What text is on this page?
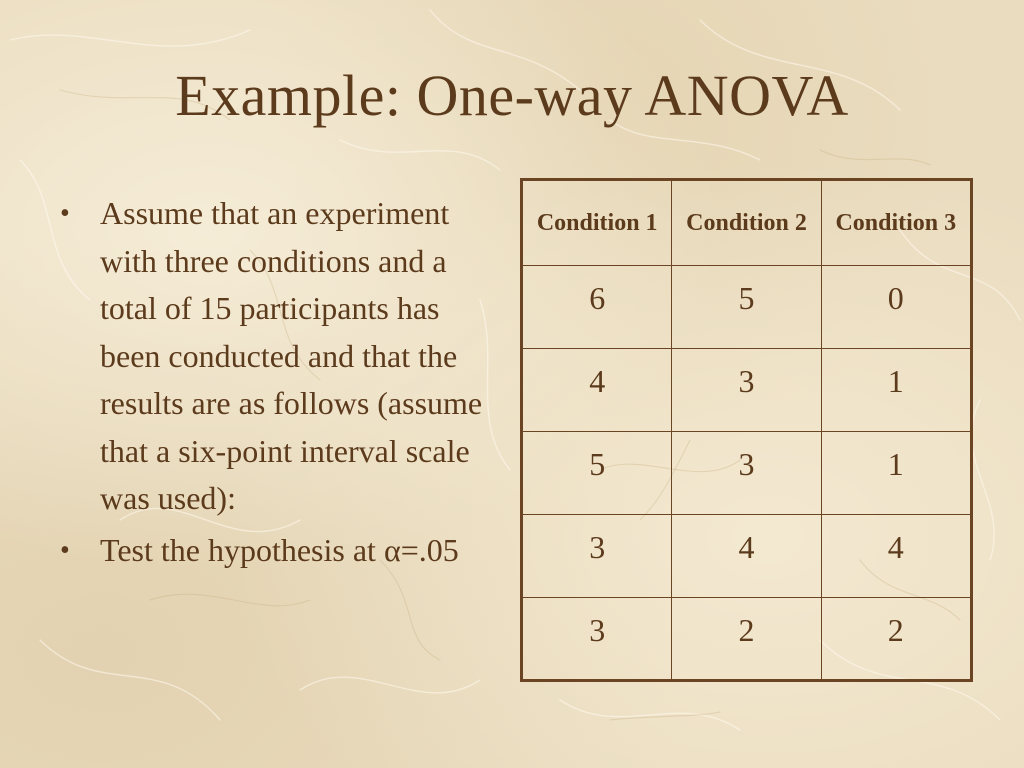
Example: One-way ANOVA
• Assume that an experiment with three conditions and a total of 15 participants has been conducted and that the results are as follows (assume that a six-point interval scale was used):
• Test the hypothesis at α=.05
Condition 1	Condition 2	Condition 3
6	5	0
4	3	1
5	3	1
3	4	4
3	2	2
